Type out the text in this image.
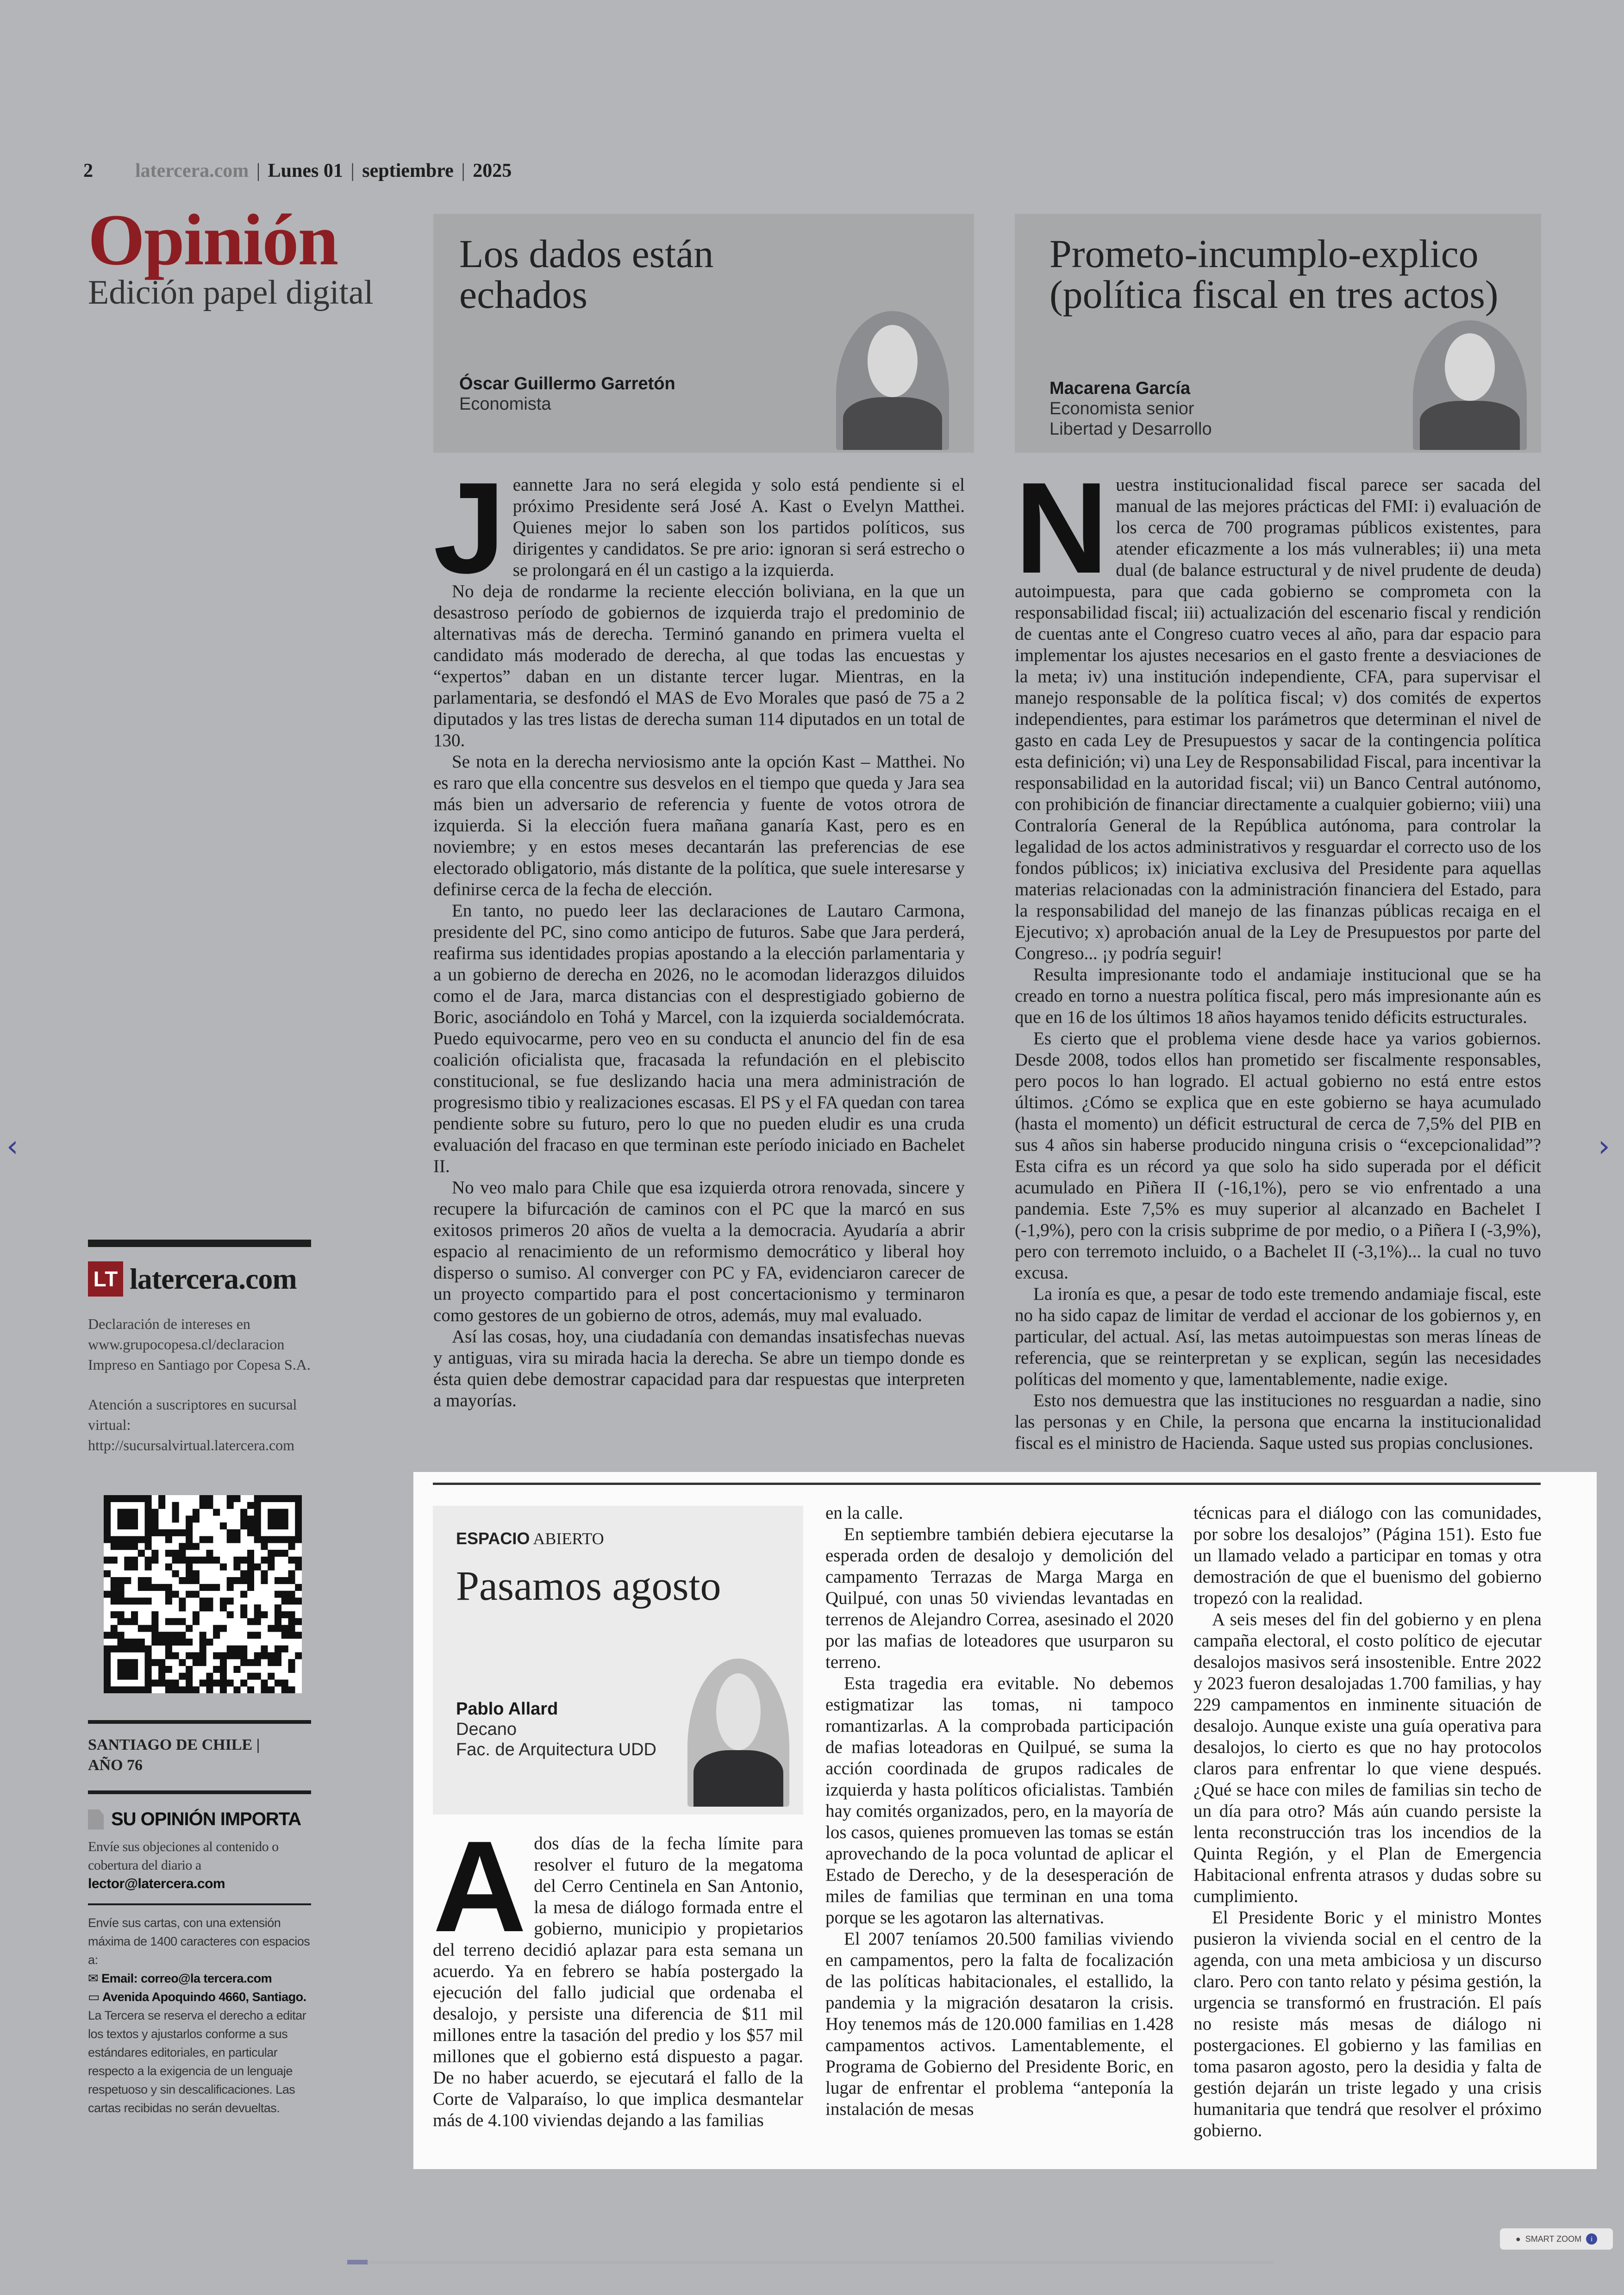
2 latercera.com | Lunes 01 | septiembre | 2025
Opinión
Edición papel digital
LT latercera.com
Declaración de intereses en www.grupocopesa.cl/declaracion Impreso en Santiago por Copesa S.A.
Atención a suscriptores en sucursal virtual: http://sucursalvirtual.latercera.com
SANTIAGO DE CHILE |
AÑO 76
SU OPINIÓN IMPORTA
Envíe sus objeciones al contenido o cobertura del diario a
lector@latercera.com
Envíe sus cartas, con una extensión máxima de 1400 caracteres con espacios a:
✉ Email: correo@la tercera.com
▭ Avenida Apoquindo 4660, Santiago.
La Tercera se reserva el derecho a editar los textos y ajustarlos conforme a sus estándares editoriales, en particular respecto a la exigencia de un lenguaje respetuoso y sin descalificaciones. Las cartas recibidas no serán devueltas.
Los dados están echados
Óscar Guillermo Garretón
Economista
J eannette Jara no será elegida y solo está pendiente si el próximo Presidente será José A. Kast o Evelyn Matthei. Quienes mejor lo saben son los partidos políticos, sus dirigentes y candidatos. Se pre ario: ignoran si será estrecho o se prolongará en él un castigo a la izquierda.

No deja de rondarme la reciente elección boliviana, en la que un desastroso período de gobiernos de izquierda trajo el predominio de alternativas más de derecha. Terminó ganando en primera vuelta el candidato más moderado de derecha, al que todas las encuestas y “expertos” daban en un distante tercer lugar. Mientras, en la parlamentaria, se desfondó el MAS de Evo Morales que pasó de 75 a 2 diputados y las tres listas de derecha suman 114 diputados en un total de 130.

Se nota en la derecha nerviosismo ante la opción Kast – Matthei. No es raro que ella concentre sus desvelos en el tiempo que queda y Jara sea más bien un adversario de referencia y fuente de votos otrora de izquierda. Si la elección fuera mañana ganaría Kast, pero es en noviembre; y en estos meses decantarán las preferencias de ese electorado obligatorio, más distante de la política, que suele interesarse y definirse cerca de la fecha de elección.

En tanto, no puedo leer las declaraciones de Lautaro Carmona, presidente del PC, sino como anticipo de futuros. Sabe que Jara perderá, reafirma sus identidades propias apostando a la elección parlamentaria y a un gobierno de derecha en 2026, no le acomodan liderazgos diluidos como el de Jara, marca distancias con el desprestigiado gobierno de Boric, asociándolo en Tohá y Marcel, con la izquierda socialdemócrata. Puedo equivocarme, pero veo en su conducta el anuncio del fin de esa coalición oficialista que, fracasada la refundación en el plebiscito constitucional, se fue deslizando hacia una mera administración de progresismo tibio y realizaciones escasas. El PS y el FA quedan con tarea pendiente sobre su futuro, pero lo que no pueden eludir es una cruda evaluación del fracaso en que terminan este período iniciado en Bachelet II.

No veo malo para Chile que esa izquierda otrora renovada, sincere y recupere la bifurcación de caminos con el PC que la marcó en sus exitosos primeros 20 años de vuelta a la democracia. Ayudaría a abrir espacio al renacimiento de un reformismo democrático y liberal hoy disperso o sumiso. Al converger con PC y FA, evidenciaron carecer de un proyecto compartido para el post concertacionismo y terminaron como gestores de un gobierno de otros, además, muy mal evaluado.

Así las cosas, hoy, una ciudadanía con demandas insatisfechas nuevas y antiguas, vira su mirada hacia la derecha. Se abre un tiempo donde es ésta quien debe demostrar capacidad para dar respuestas que interpreten a mayorías.

Prometo-incumplo-explico (política fiscal en tres actos)
Macarena García
Economista senior
Libertad y Desarrollo
N uestra institucionalidad fiscal parece ser sacada del manual de las mejores prácticas del FMI: i) evaluación de los cerca de 700 programas públicos existentes, para atender eficazmente a los más vulnerables; ii) una meta dual (de balance estructural y de nivel prudente de deuda) autoimpuesta, para que cada gobierno se comprometa con la responsabilidad fiscal; iii) actualización del escenario fiscal y rendición de cuentas ante el Congreso cuatro veces al año, para dar espacio para implementar los ajustes necesarios en el gasto frente a desviaciones de la meta; iv) una institución independiente, CFA, para supervisar el manejo responsable de la política fiscal; v) dos comités de expertos independientes, para estimar los parámetros que determinan el nivel de gasto en cada Ley de Presupuestos y sacar de la contingencia política esta definición; vi) una Ley de Responsabilidad Fiscal, para incentivar la responsabilidad en la autoridad fiscal; vii) un Banco Central autónomo, con prohibición de financiar directamente a cualquier gobierno; viii) una Contraloría General de la República autónoma, para controlar la legalidad de los actos administrativos y resguardar el correcto uso de los fondos públicos; ix) iniciativa exclusiva del Presidente para aquellas materias relacionadas con la administración financiera del Estado, para la responsabilidad del manejo de las finanzas públicas recaiga en el Ejecutivo; x) aprobación anual de la Ley de Presupuestos por parte del Congreso... ¡y podría seguir!

Resulta impresionante todo el andamiaje institucional que se ha creado en torno a nuestra política fiscal, pero más impresionante aún es que en 16 de los últimos 18 años hayamos tenido déficits estructurales.

Es cierto que el problema viene desde hace ya varios gobiernos. Desde 2008, todos ellos han prometido ser fiscalmente responsables, pero pocos lo han logrado. El actual gobierno no está entre estos últimos. ¿Cómo se explica que en este gobierno se haya acumulado (hasta el momento) un déficit estructural de cerca de 7,5% del PIB en sus 4 años sin haberse producido ninguna crisis o “excepcionalidad”? Esta cifra es un récord ya que solo ha sido superada por el déficit acumulado en Piñera II (-16,1%), pero se vio enfrentado a una pandemia. Este 7,5% es muy superior al alcanzado en Bachelet I (-1,9%), pero con la crisis subprime de por medio, o a Piñera I (-3,9%), pero con terremoto incluido, o a Bachelet II (-3,1%)... la cual no tuvo excusa.

La ironía es que, a pesar de todo este tremendo andamiaje fiscal, este no ha sido capaz de limitar de verdad el accionar de los gobiernos y, en particular, del actual. Así, las metas autoimpuestas son meras líneas de referencia, que se reinterpretan y se explican, según las necesidades políticas del momento y que, lamentablemente, nadie exige.

Esto nos demuestra que las instituciones no resguardan a nadie, sino las personas y en Chile, la persona que encarna la institucionalidad fiscal es el ministro de Hacienda. Saque usted sus propias conclusiones.

ESPACIO ABIERTO
Pasamos agosto
Pablo Allard
Decano
Fac. de Arquitectura UDD
A dos días de la fecha límite para resolver el futuro de la megatoma del Cerro Centinela en San Antonio, la mesa de diálogo formada entre el gobierno, municipio y propietarios del terreno decidió aplazar para esta semana un acuerdo. Ya en febrero se había postergado la ejecución del fallo judicial que ordenaba el desalojo, y persiste una diferencia de $11 mil millones entre la tasación del predio y los $57 mil millones que el gobierno está dispuesto a pagar. De no haber acuerdo, se ejecutará el fallo de la Corte de Valparaíso, lo que implica desmantelar más de 4.100 viviendas dejando a las familias

en la calle.

En septiembre también debiera ejecutarse la esperada orden de desalojo y demolición del campamento Terrazas de Marga Marga en Quilpué, con unas 50 viviendas levantadas en terrenos de Alejandro Correa, asesinado el 2020 por las mafias de loteadores que usurparon su terreno.

Esta tragedia era evitable. No debemos estigmatizar las tomas, ni tampoco romantizarlas. A la comprobada participación de mafias loteadoras en Quilpué, se suma la acción coordinada de grupos radicales de izquierda y hasta políticos oficialistas. También hay comités organizados, pero, en la mayoría de los casos, quienes promueven las tomas se están aprovechando de la poca voluntad de aplicar el Estado de Derecho, y de la desesperación de miles de familias que terminan en una toma porque se les agotaron las alternativas.

El 2007 teníamos 20.500 familias viviendo en campamentos, pero la falta de focalización de las políticas habitacionales, el estallido, la pandemia y la migración desataron la crisis. Hoy tenemos más de 120.000 familias en 1.428 campamentos activos. Lamentablemente, el Programa de Gobierno del Presidente Boric, en lugar de enfrentar el problema “anteponía la instalación de mesas

técnicas para el diálogo con las comunidades, por sobre los desalojos” (Página 151). Esto fue un llamado velado a participar en tomas y otra demostración de que el buenismo del gobierno tropezó con la realidad.

A seis meses del fin del gobierno y en plena campaña electoral, el costo político de ejecutar desalojos masivos será insostenible. Entre 2022 y 2023 fueron desalojadas 1.700 familias, y hay 229 campamentos en inminente situación de desalojo. Aunque existe una guía operativa para desalojos, lo cierto es que no hay protocolos claros para enfrentar lo que viene después. ¿Qué se hace con miles de familias sin techo de un día para otro? Más aún cuando persiste la lenta reconstrucción tras los incendios de la Quinta Región, y el Plan de Emergencia Habitacional enfrenta atrasos y dudas sobre su cumplimiento.

El Presidente Boric y el ministro Montes pusieron la vivienda social en el centro de la agenda, con una meta ambiciosa y un discurso claro. Pero con tanto relato y pésima gestión, la urgencia se transformó en frustración. El país no resiste más mesas de diálogo ni postergaciones. El gobierno y las familias en toma pasaron agosto, pero la desidia y falta de gestión dejarán un triste legado y una crisis humanitaria que tendrá que resolver el próximo gobierno.

‹	›
● SMART ZOOM	i
